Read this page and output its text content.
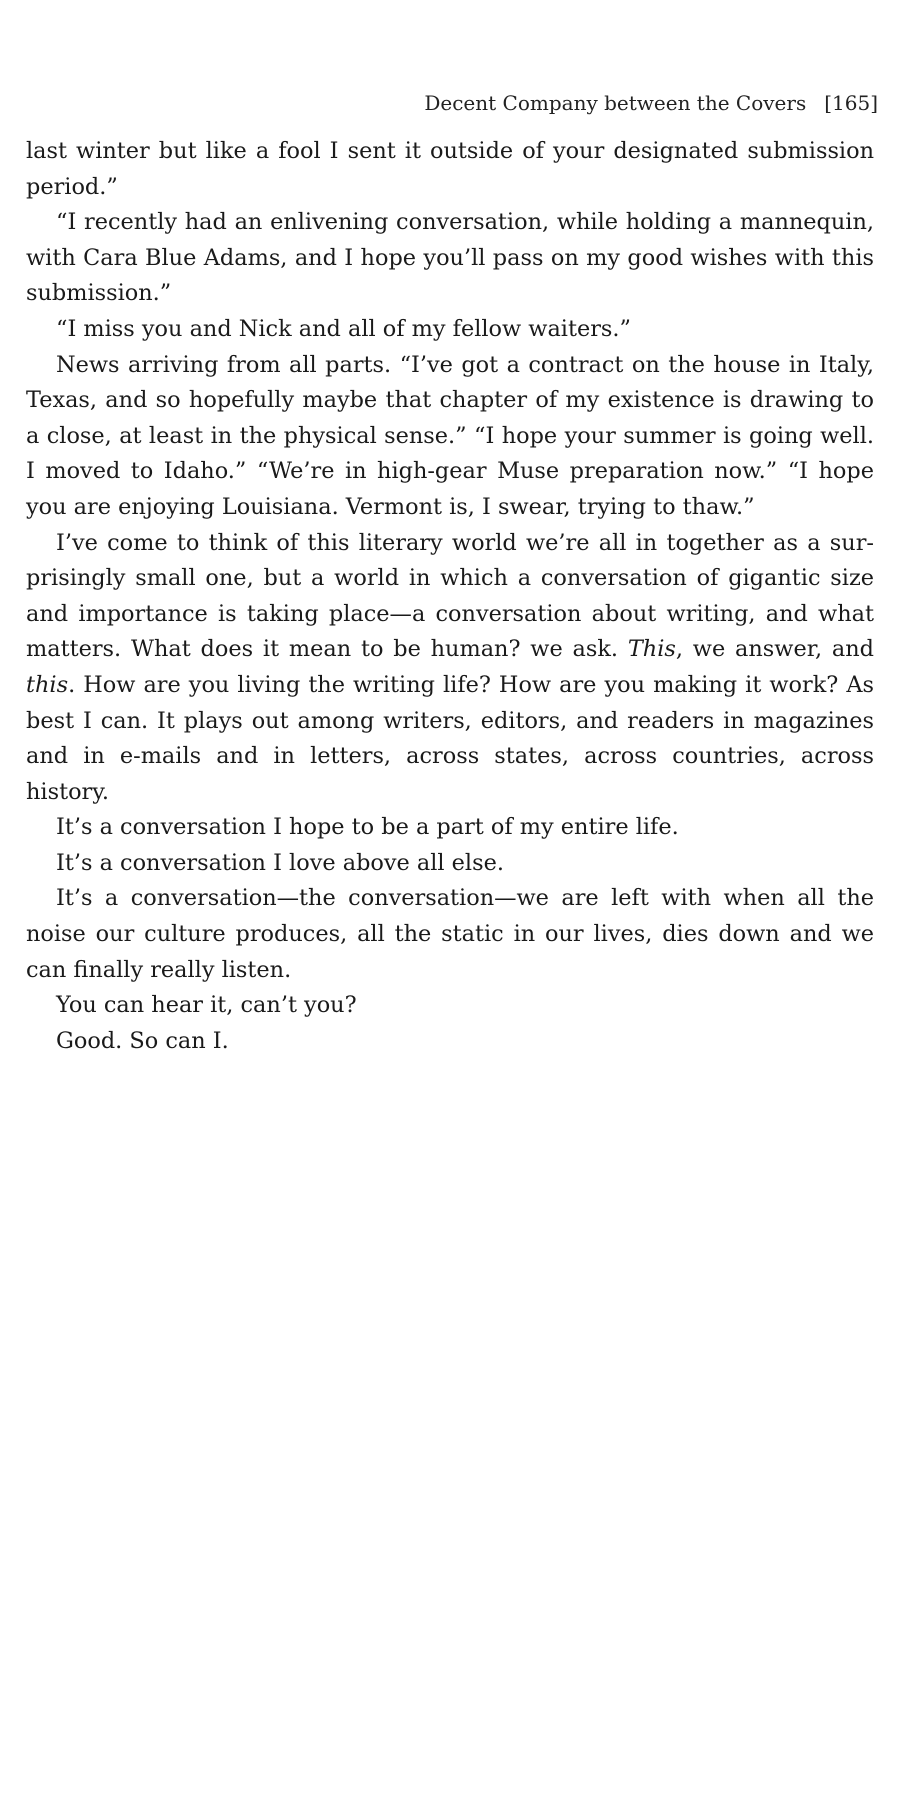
Decent Company between the Covers [165]

last winter but like a fool I sent it outside of your designated submission period.”

“I recently had an enlivening conversation, while holding a mannequin, with Cara Blue Adams, and I hope you’ll pass on my good wishes with this submission.”

“I miss you and Nick and all of my fellow waiters.”

News arriving from all parts. “I’ve got a contract on the house in Italy, Texas, and so hopefully maybe that chapter of my existence is drawing to a close, at least in the physical sense.” “I hope your summer is going well. I moved to Idaho.” “We’re in high-gear Muse preparation now.” “I hope you are enjoying Louisiana. Vermont is, I swear, trying to thaw.”

I’ve come to think of this literary world we’re all in together as a surprisingly small one, but a world in which a conversation of gigantic size and importance is taking place—a conversation about writing, and what matters. What does it mean to be human? we ask. This, we answer, and this. How are you living the writing life? How are you making it work? As best I can. It plays out among writers, editors, and readers in magazines and in e-mails and in letters, across states, across countries, across history.

It’s a conversation I hope to be a part of my entire life.

It’s a conversation I love above all else.

It’s a conversation—the conversation—we are left with when all the noise our culture produces, all the static in our lives, dies down and we can finally really listen.

You can hear it, can’t you?

Good. So can I.
